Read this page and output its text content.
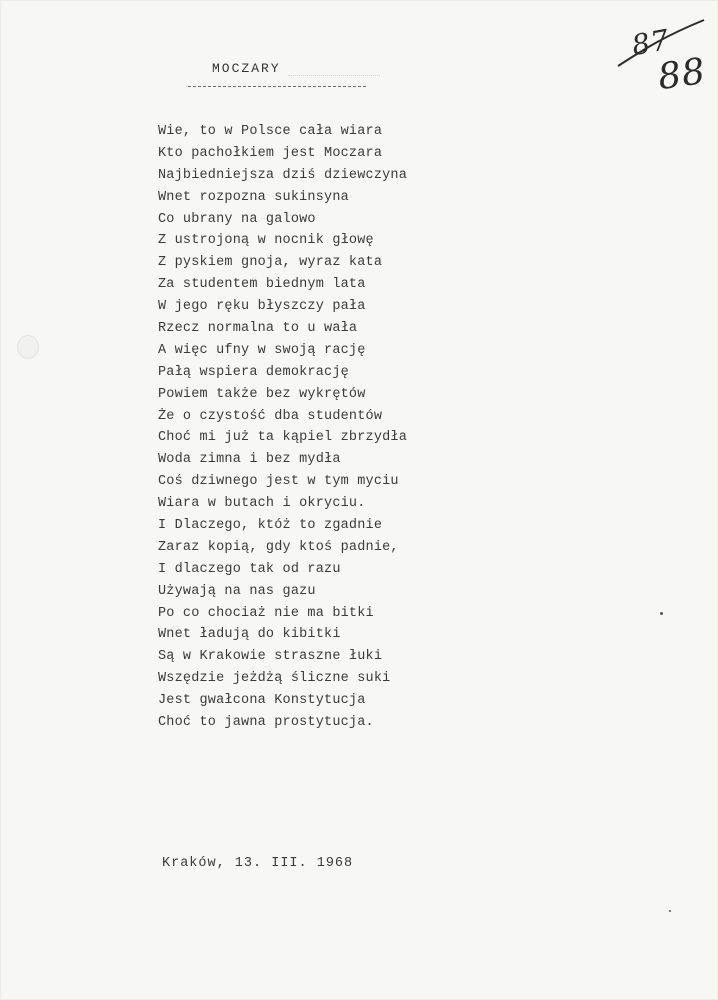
87
88
MOCZARY
Wie, to w Polsce cała wiara
Kto pachołkiem jest Moczara
Najbiedniejsza dziś dziewczyna
Wnet rozpozna sukinsyna
Co ubrany na galowo
Z ustrojoną w nocnik głowę
Z pyskiem gnoja, wyraz kata
Za studentem biednym lata
W jego ręku błyszczy pała
Rzecz normalna to u wała
A więc ufny w swoją rację
Pałą wspiera demokrację
Powiem także bez wykrętów
Że o czystość dba studentów
Choć mi już ta kąpiel zbrzydła
Woda zimna i bez mydła
Coś dziwnego jest w tym myciu
Wiara w butach i okryciu.
I Dlaczego, któż to zgadnie
Zaraz kopią, gdy ktoś padnie,
I dlaczego tak od razu
Używają na nas gazu
Po co chociaż nie ma bitki
Wnet ładują do kibitki
Są w Krakowie straszne łuki
Wszędzie jeżdżą śliczne suki
Jest gwałcona Konstytucja
Choć to jawna prostytucja.
Kraków, 13. III. 1968
